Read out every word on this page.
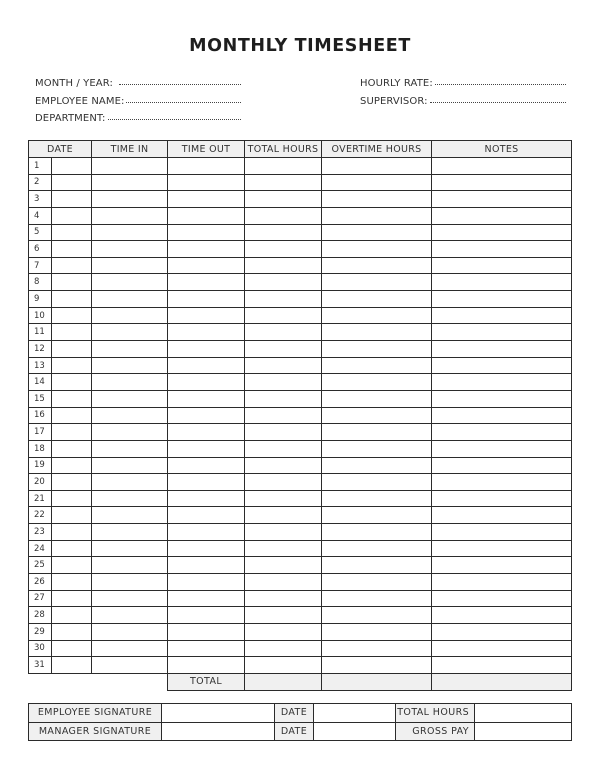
MONTHLY TIMESHEET
MONTH / YEAR:
EMPLOYEE NAME:
DEPARTMENT:
HOURLY RATE:
SUPERVISOR:
DATE		TIME IN	TIME OUT	TOTAL HOURS	OVERTIME HOURS	NOTES
1						
2						
3						
4						
5						
6						
7						
8						
9						
10						
11						
12						
13						
14						
15						
16						
17						
18						
19						
20						
21						
22						
23						
24						
25						
26						
27						
28						
29						
30						
31						
			TOTAL			
EMPLOYEE SIGNATURE		DATE		TOTAL HOURS	
MANAGER SIGNATURE		DATE		GROSS PAY	
